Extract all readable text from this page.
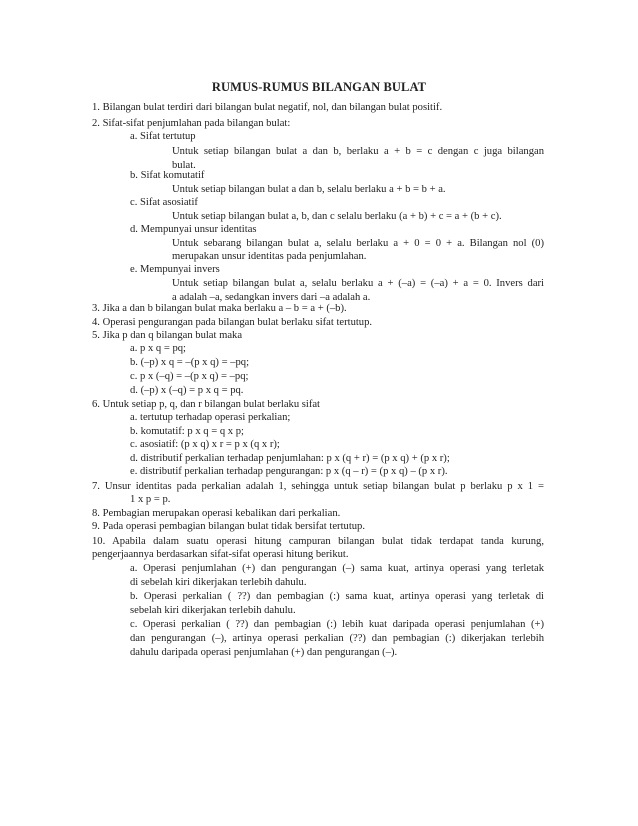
RUMUS-RUMUS BILANGAN BULAT
1. Bilangan bulat terdiri dari bilangan bulat negatif, nol, dan bilangan bulat positif.
2. Sifat-sifat penjumlahan pada bilangan bulat:
a. Sifat tertutup
Untuk setiap bilangan bulat a dan b, berlaku a + b = c dengan c juga bilangan
bulat.
b. Sifat komutatif
Untuk setiap bilangan bulat a dan b, selalu berlaku a + b = b + a.
c. Sifat asosiatif
Untuk setiap bilangan bulat a, b, dan c selalu berlaku (a + b) + c = a + (b + c).
d. Mempunyai unsur identitas
Untuk sebarang bilangan bulat a, selalu berlaku a + 0 = 0 + a. Bilangan nol (0)
merupakan unsur identitas pada penjumlahan.
e. Mempunyai invers
Untuk setiap bilangan bulat a, selalu berlaku a + (–a) = (–a) + a = 0. Invers dari
a adalah –a, sedangkan invers dari –a adalah a.
3. Jika a dan b bilangan bulat maka berlaku a – b = a + (–b).
4. Operasi pengurangan pada bilangan bulat berlaku sifat tertutup.
5. Jika p dan q bilangan bulat maka
a. p x q = pq;
b. (–p) x q = –(p x q) = –pq;
c. p x (–q) = –(p x q) = –pq;
d. (–p) x (–q) = p x q = pq.
6. Untuk setiap p, q, dan r bilangan bulat berlaku sifat
a. tertutup terhadap operasi perkalian;
b. komutatif: p x q = q x p;
c. asosiatif: (p x q) x r = p x (q x r);
d. distributif perkalian terhadap penjumlahan: p x (q + r) = (p x q) + (p x r);
e. distributif perkalian terhadap pengurangan: p x (q – r) = (p x q) – (p x r).
7. Unsur identitas pada perkalian adalah 1, sehingga untuk setiap bilangan bulat p berlaku p x 1 =
1 x p = p.
8. Pembagian merupakan operasi kebalikan dari perkalian.
9. Pada operasi pembagian bilangan bulat tidak bersifat tertutup.
10. Apabila dalam suatu operasi hitung campuran bilangan bulat tidak terdapat tanda kurung,
pengerjaannya berdasarkan sifat-sifat operasi hitung berikut.
a. Operasi penjumlahan (+) dan pengurangan (–) sama kuat, artinya operasi yang terletak
di sebelah kiri dikerjakan terlebih dahulu.
b. Operasi perkalian ( ??) dan pembagian (:) sama kuat, artinya operasi yang terletak di
sebelah kiri dikerjakan terlebih dahulu.
c. Operasi perkalian ( ??) dan pembagian (:) lebih kuat daripada operasi penjumlahan (+)
dan pengurangan (–), artinya operasi perkalian (??) dan pembagian (:) dikerjakan terlebih
dahulu daripada operasi penjumlahan (+) dan pengurangan (–).
